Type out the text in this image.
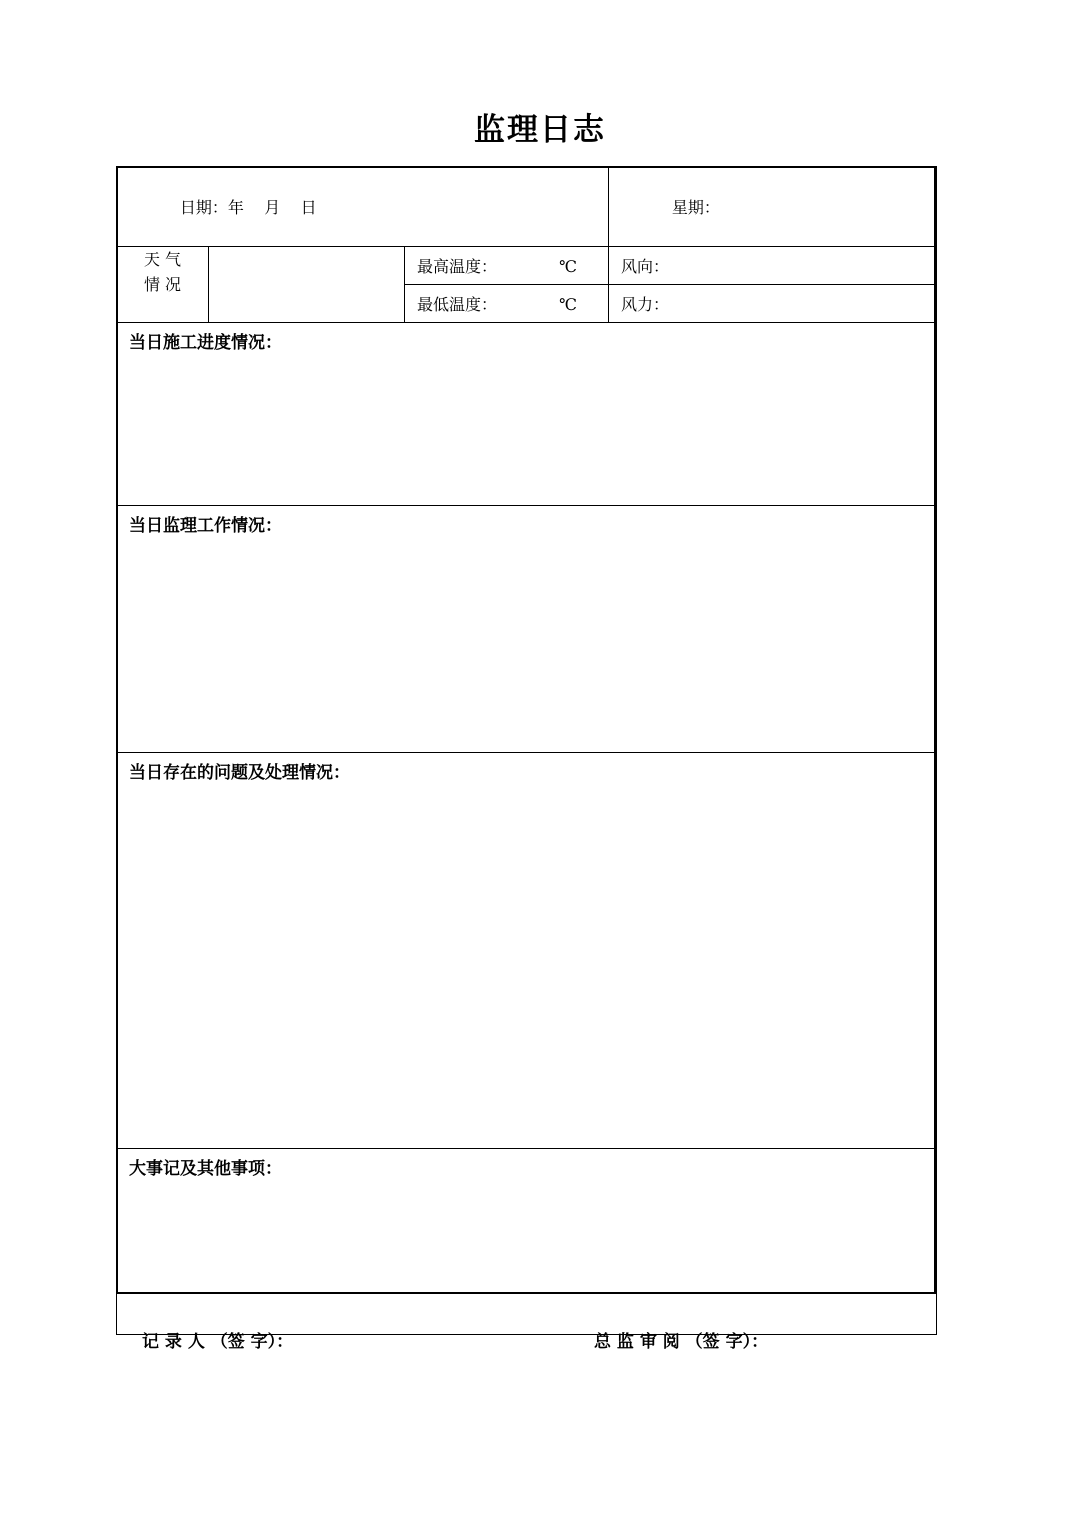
监理日志

日期：年    月    日			星期：

天 气
情 况		最高温度： ℃	风向：

		最低温度： ℃	风力：

当日施工进度情况：			

当日监理工作情况：			

当日存在的问题及处理情况：			

大事记及其他事项：			
记 录 人 （签 字）：	总 监 审 阅 （签 字）：
